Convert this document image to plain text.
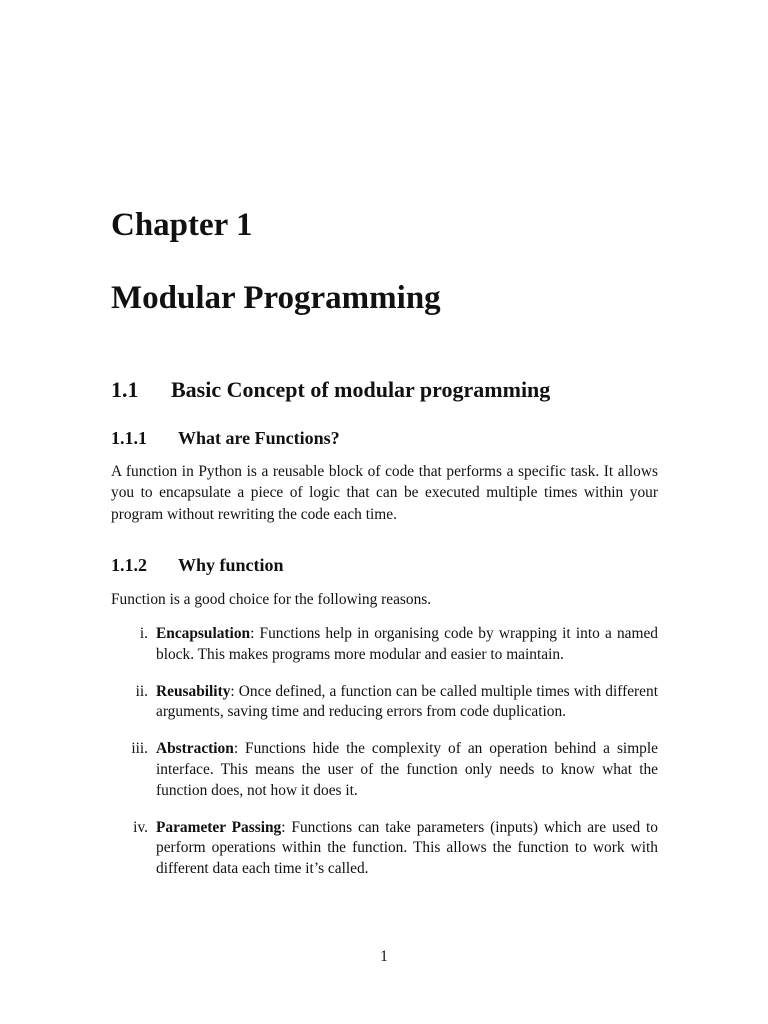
Chapter 1
Modular Programming
1.1 Basic Concept of modular programming
1.1.1 What are Functions?

A function in Python is a reusable block of code that performs a specific task. It allows you to encapsulate a piece of logic that can be executed multiple times within your program without rewriting the code each time.

1.1.2 Why function

Function is a good choice for the following reasons.

i. Encapsulation: Functions help in organising code by wrapping it into a named block. This makes programs more modular and easier to maintain.
ii. Reusability: Once defined, a function can be called multiple times with different arguments, saving time and reducing errors from code duplication.
iii. Abstraction: Functions hide the complexity of an operation behind a simple interface. This means the user of the function only needs to know what the function does, not how it does it.
iv. Parameter Passing: Functions can take parameters (inputs) which are used to perform operations within the function. This allows the function to work with different data each time it’s called.
1
